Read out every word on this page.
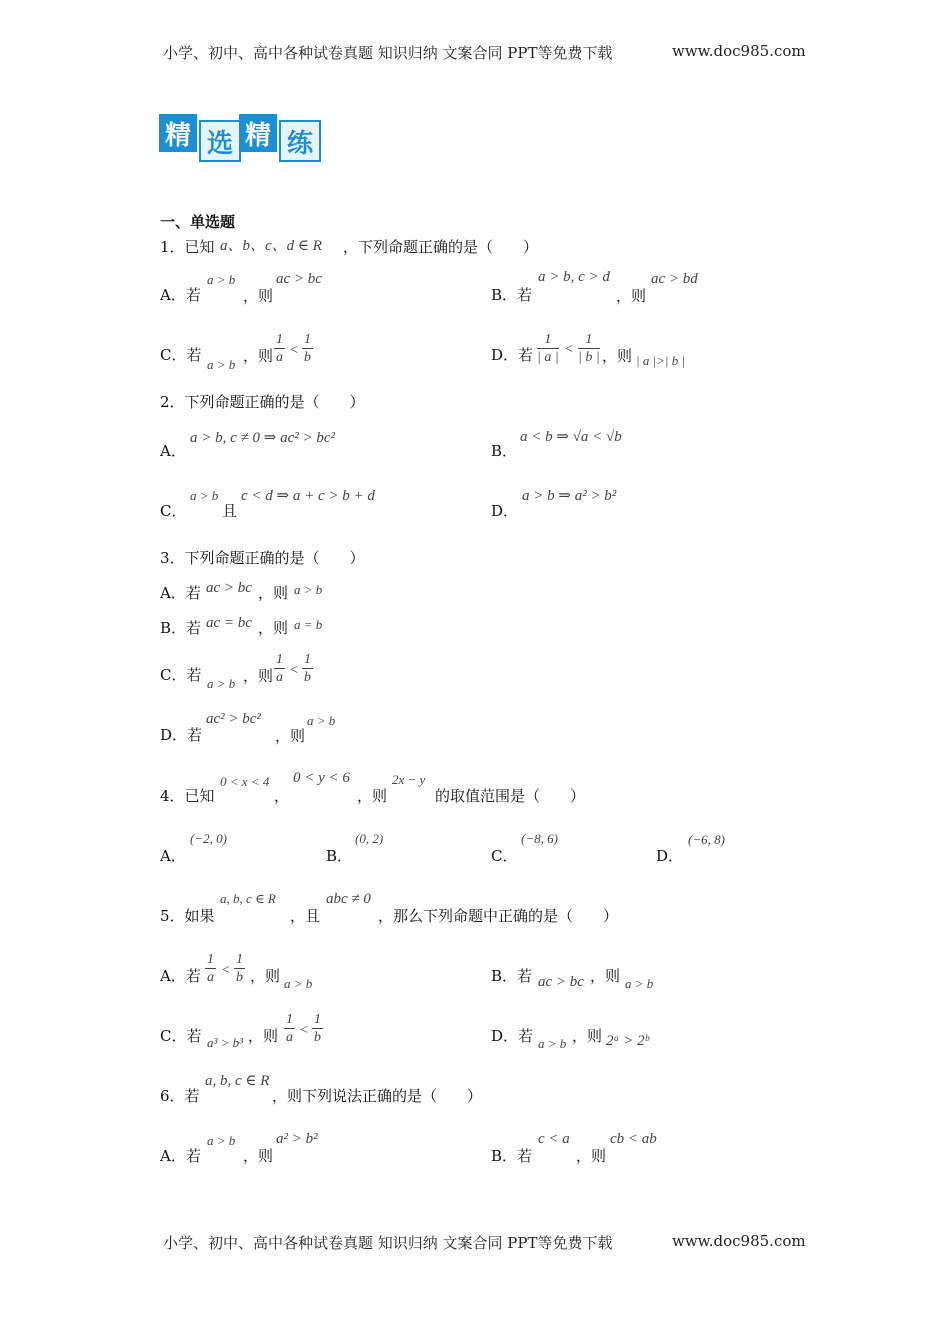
小学、初中、高中各种试卷真题 知识归纳 文案合同 PPT等免费下载	www.doc985.com
精 选 精 练
一、单选题
1．已知 a、b、c、d ∈ R ，下列命题正确的是（　　）
A．若
a > b
，则
ac > bc
B．若
a > b, c > d
，则
ac > bd
C．若
a > b ，则 $\frac{1}{a} < \frac{1}{b}$	D．若 $\frac{1}{| a |} < \frac{1}{| b |}$ ，则 | a |>| b |
2．下列命题正确的是（　　）
A．
a > b, c ≠ 0 ⇒ ac² > bc²
B．
a < b ⇒ √a < √b
C．
a > b
且
c < d ⇒ a + c > b + d
D．
a > b ⇒ a² > b²
3．下列命题正确的是（　　）
A．若 ac > bc ，则 a > b
B．若 ac = bc ，则 a = b
C．若 a > b ，则 $\frac{1}{a} < \frac{1}{b}$
D．若
ac² > bc²
，则
a > b
4．已知
0 < x < 4
，
0 < y < 6
，则
2x − y
的取值范围是（　　）
A．
(−2, 0)
B．
(0, 2)
C．
(−8, 6)
D．
(−6, 8)
5．如果
a, b, c ∈ R
，且
abc ≠ 0
，那么下列命题中正确的是（　　）
A．若 $\frac{1}{a} < \frac{1}{b}$ ，则 a > b	B．若 ac > bc ，则 a > b
C．若 a³ > b³ ，则 $\frac{1}{a} < \frac{1}{b}$	D．若 a > b ，则 2ᵃ > 2ᵇ
6．若
a, b, c ∈ R
，则下列说法正确的是（　　）
A．若
a > b
，则
a² > b²
B．若
c < a
，则
cb < ab
小学、初中、高中各种试卷真题 知识归纳 文案合同 PPT等免费下载	www.doc985.com
